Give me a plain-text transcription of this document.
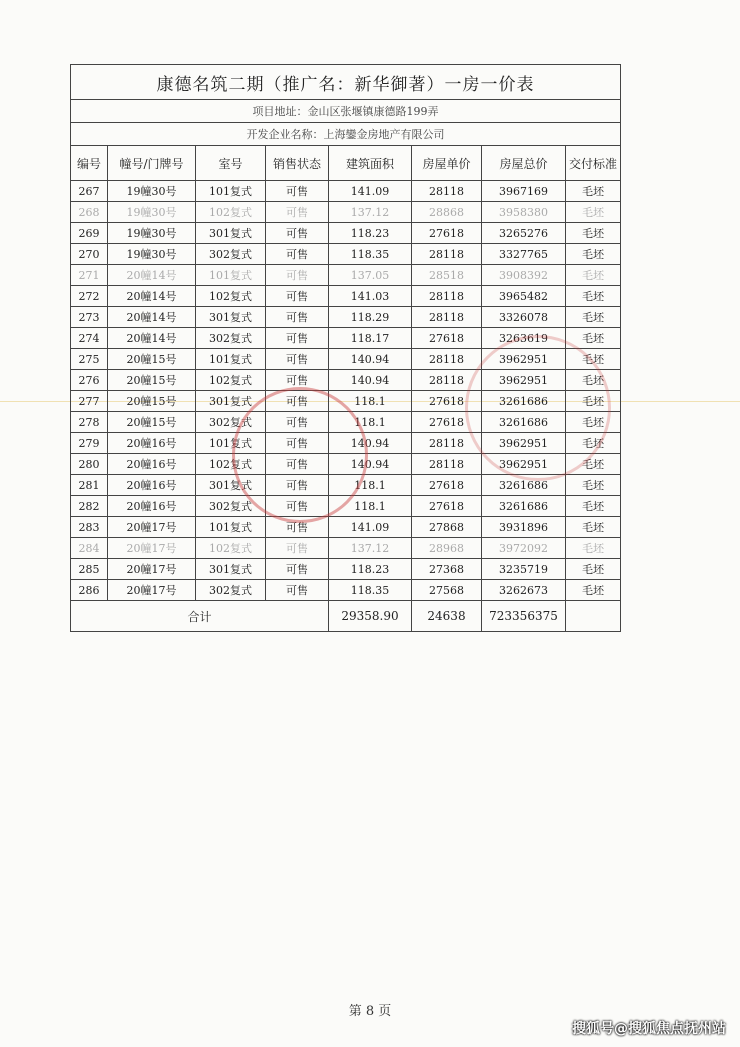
康德名筑二期（推广名：新华御著）一房一价表							
项目地址：金山区张堰镇康德路199弄							
开发企业名称：上海鑾金房地产有限公司							
编号	幢号/门牌号	室号	销售状态	建筑面积	房屋单价	房屋总价	交付标准
267	19幢30号	101复式	可售	141.09	28118	3967169	毛坯
268	19幢30号	102复式	可售	137.12	28868	3958380	毛坯
269	19幢30号	301复式	可售	118.23	27618	3265276	毛坯
270	19幢30号	302复式	可售	118.35	28118	3327765	毛坯
271	20幢14号	101复式	可售	137.05	28518	3908392	毛坯
272	20幢14号	102复式	可售	141.03	28118	3965482	毛坯
273	20幢14号	301复式	可售	118.29	28118	3326078	毛坯
274	20幢14号	302复式	可售	118.17	27618	3263619	毛坯
275	20幢15号	101复式	可售	140.94	28118	3962951	毛坯
276	20幢15号	102复式	可售	140.94	28118	3962951	毛坯
277	20幢15号	301复式	可售	118.1	27618	3261686	毛坯
278	20幢15号	302复式	可售	118.1	27618	3261686	毛坯
279	20幢16号	101复式	可售	140.94	28118	3962951	毛坯
280	20幢16号	102复式	可售	140.94	28118	3962951	毛坯
281	20幢16号	301复式	可售	118.1	27618	3261686	毛坯
282	20幢16号	302复式	可售	118.1	27618	3261686	毛坯
283	20幢17号	101复式	可售	141.09	27868	3931896	毛坯
284	20幢17号	102复式	可售	137.12	28968	3972092	毛坯
285	20幢17号	301复式	可售	118.23	27368	3235719	毛坯
286	20幢17号	302复式	可售	118.35	27568	3262673	毛坯
合计				29358.90	24638	723356375	
第 8 页
搜狐号@搜狐焦点抚州站
